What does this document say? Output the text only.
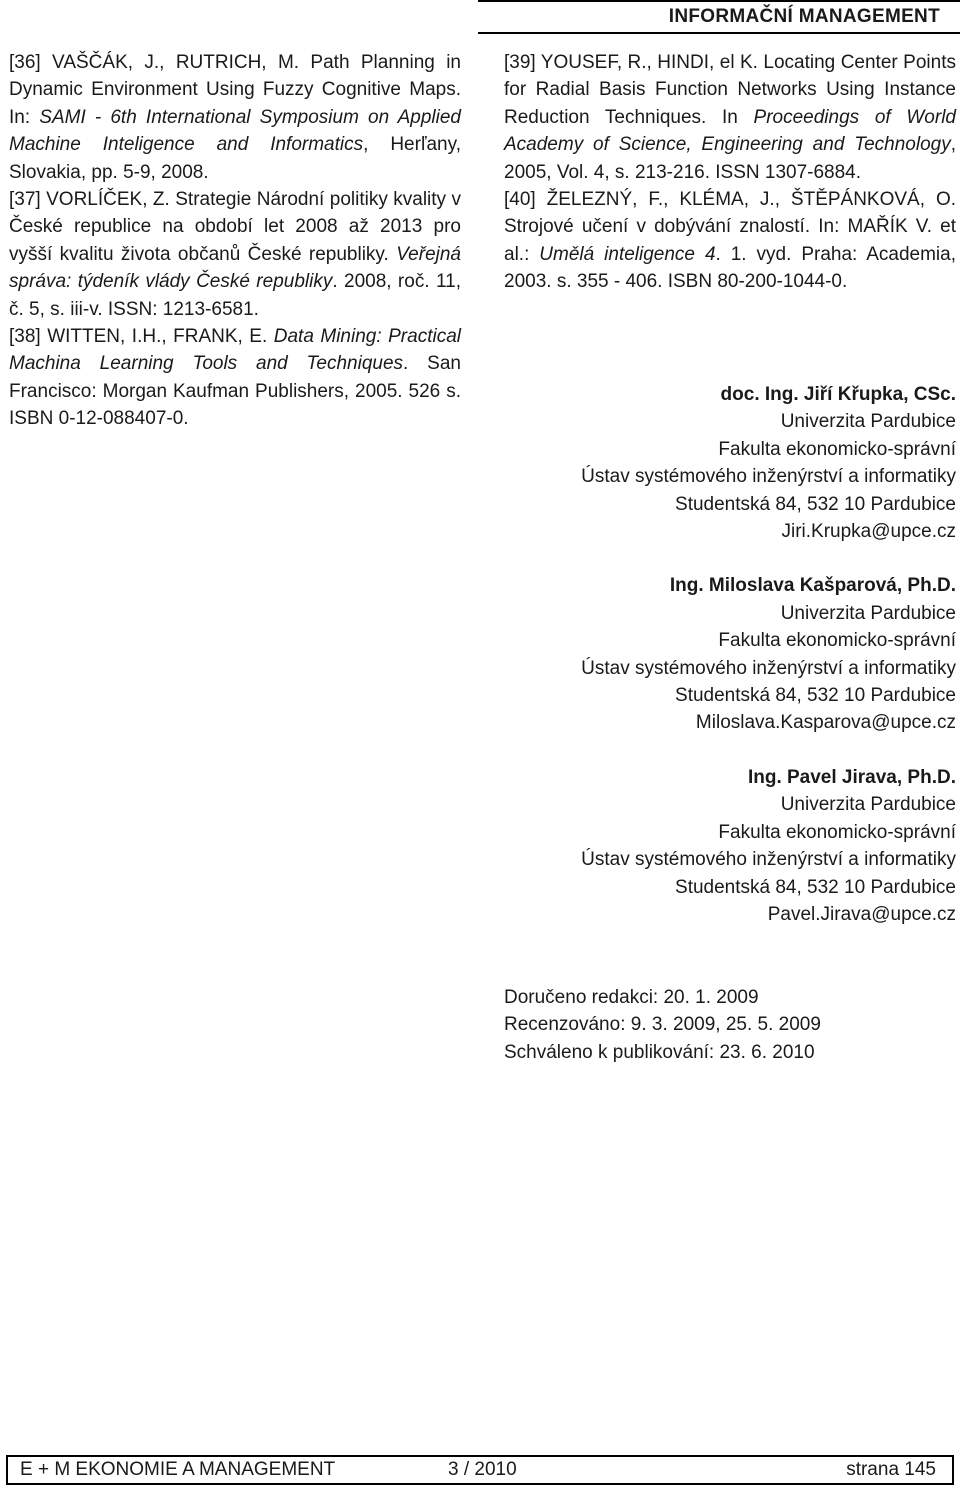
INFORMAČNÍ MANAGEMENT

[36] VAŠČÁK, J., RUTRICH, M. Path Planning in Dynamic Environment Using Fuzzy Cognitive Maps. In: SAMI - 6th International Symposium on Applied Machine Inteligence and Informatics, Herľany, Slovakia, pp. 5-9, 2008.

[37] VORLÍČEK, Z. Strategie Národní politiky kvality v České republice na období let 2008 až 2013 pro vyšší kvalitu života občanů České republiky. Veřejná správa: týdeník vlády České republiky. 2008, roč. 11, č. 5, s. iii-v. ISSN: 1213-6581.

[38] WITTEN, I.H., FRANK, E. Data Mining: Practical Machina Learning Tools and Techniques. San Francisco: Morgan Kaufman Publishers, 2005. 526 s. ISBN 0-12-088407-0.

[39] YOUSEF, R., HINDI, el K. Locating Center Points for Radial Basis Function Networks Using Instance Reduction Techniques. In Proceedings of World Academy of Science, Engineering and Technology, 2005, Vol. 4, s. 213-216. ISSN 1307-6884.

[40] ŽELEZNÝ, F., KLÉMA, J., ŠTĚPÁNKOVÁ, O. Strojové učení v dobývání znalostí. In: MAŘÍK V. et al.: Umělá inteligence 4. 1. vyd. Praha: Academia, 2003. s. 355 - 406. ISBN 80-200-1044-0.

doc. Ing. Jiří Křupka, CSc.
Univerzita Pardubice
Fakulta ekonomicko-správní
Ústav systémového inženýrství a informatiky
Studentská 84, 532 10 Pardubice
Jiri.Krupka@upce.cz
Ing. Miloslava Kašparová, Ph.D.
Univerzita Pardubice
Fakulta ekonomicko-správní
Ústav systémového inženýrství a informatiky
Studentská 84, 532 10 Pardubice
Miloslava.Kasparova@upce.cz
Ing. Pavel Jirava, Ph.D.
Univerzita Pardubice
Fakulta ekonomicko-správní
Ústav systémového inženýrství a informatiky
Studentská 84, 532 10 Pardubice
Pavel.Jirava@upce.cz
Doručeno redakci: 20. 1. 2009
Recenzováno: 9. 3. 2009, 25. 5. 2009
Schváleno k publikování: 23. 6. 2010
E + M EKONOMIE A MANAGEMENT	3 / 2010	strana 145
